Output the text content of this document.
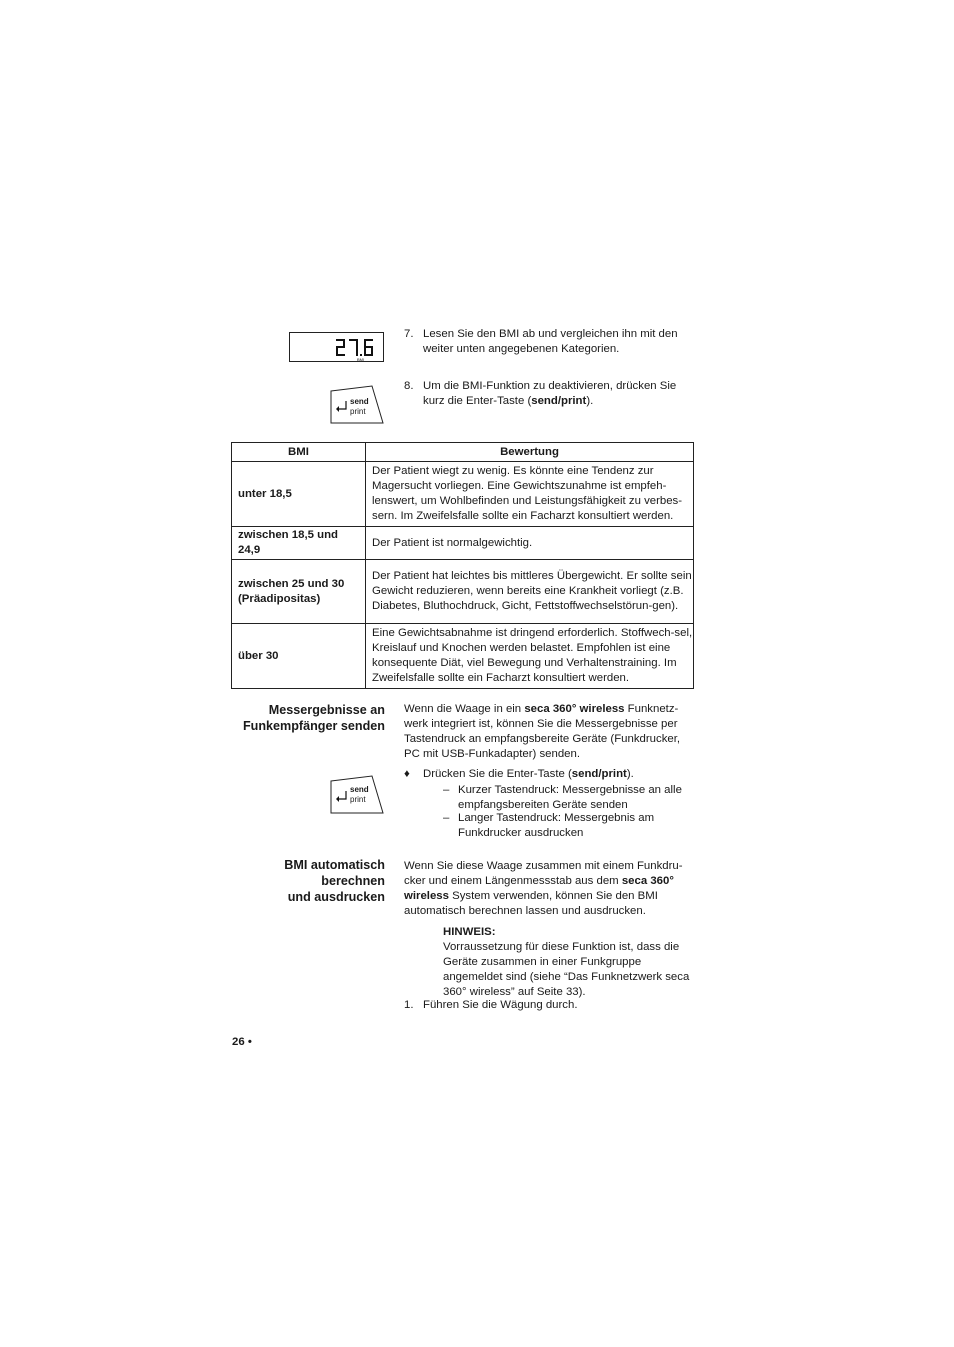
BMI
send
print
7. Lesen Sie den BMI ab und vergleichen ihn mit den weiter unten angegebenen Kategorien.
8. Um die BMI-Funktion zu deaktivieren, drücken Sie kurz die Enter-Taste (send/print).
BMI	Bewertung
unter 18,5	Der Patient wiegt zu wenig. Es könnte eine Tendenz zur Magersucht vorliegen. Eine Gewichtszunahme ist empfeh-lenswert, um Wohlbefinden und Leistungsfähigkeit zu verbes-sern. Im Zweifelsfalle sollte ein Facharzt konsultiert werden.
zwischen 18,5 und 24,9	Der Patient ist normalgewichtig.
zwischen 25 und 30 (Präadipositas)	Der Patient hat leichtes bis mittleres Übergewicht. Er sollte sein Gewicht reduzieren, wenn bereits eine Krankheit vorliegt (z.B. Diabetes, Bluthochdruck, Gicht, Fettstoffwechselstörun-gen).
über 30	Eine Gewichtsabnahme ist dringend erforderlich. Stoffwech-sel, Kreislauf und Knochen werden belastet. Empfohlen ist eine konsequente Diät, viel Bewegung und Verhaltenstraining. Im Zweifelsfalle sollte ein Facharzt konsultiert werden.
Messergebnisse an
Funkempfänger senden
Wenn die Waage in ein seca 360° wireless Funknetz-werk integriert ist, können Sie die Messergebnisse per Tastendruck an empfangsbereite Geräte (Funkdrucker, PC mit USB-Funkadapter) senden.
send
print
♦	Drücken Sie die Enter-Taste (send/print).
– Kurzer Tastendruck: Messergebnisse an alle empfangsbereiten Geräte senden
– Langer Tastendruck: Messergebnis am Funkdrucker ausdrucken
BMI automatisch
berechnen
und ausdrucken
Wenn Sie diese Waage zusammen mit einem Funkdru-cker und einem Längenmessstab aus dem seca 360° wireless System verwenden, können Sie den BMI automatisch berechnen lassen und ausdrucken.
HINWEIS:
Vorraussetzung für diese Funktion ist, dass die Geräte zusammen in einer Funkgruppe angemeldet sind (siehe “Das Funknetzwerk seca 360° wireless” auf Seite 33).
1. Führen Sie die Wägung durch.
26 •
